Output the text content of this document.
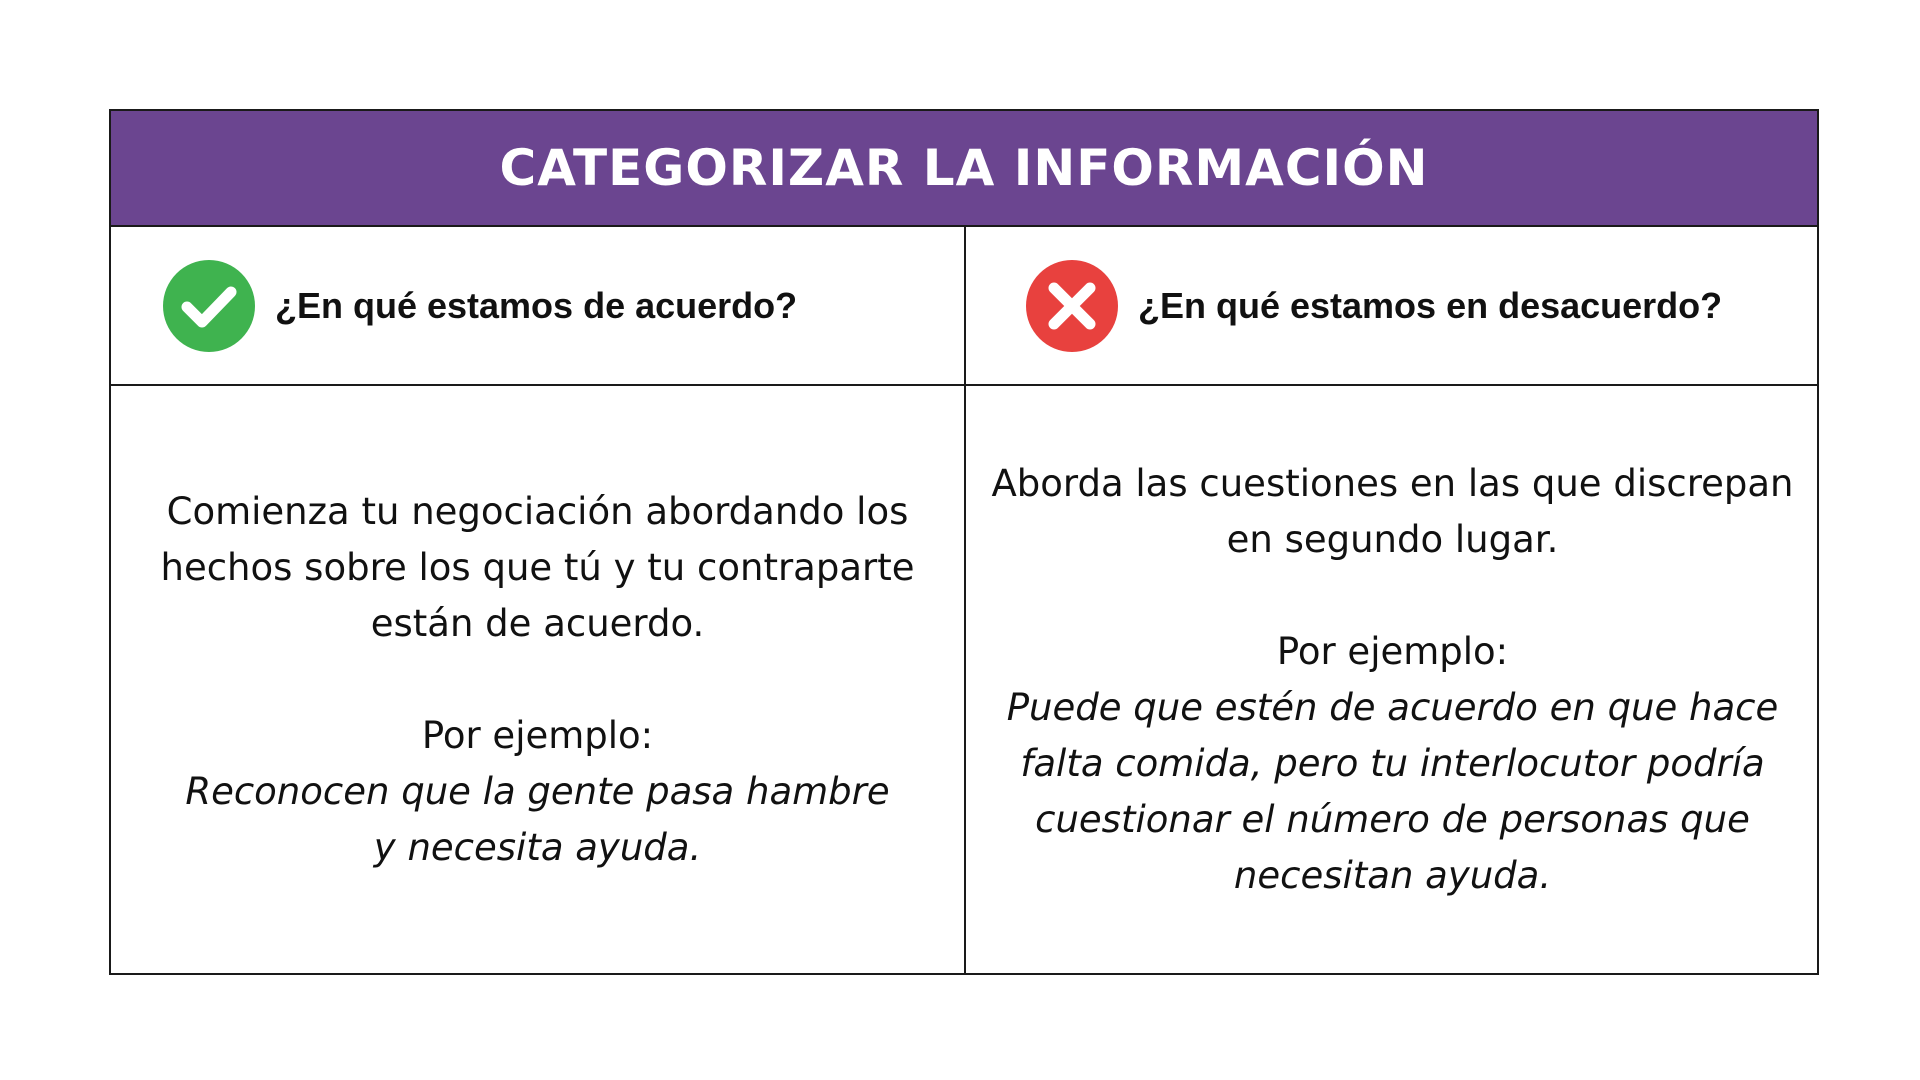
CATEGORIZAR LA INFORMACIÓN
¿En qué estamos de acuerdo?	¿En qué estamos en desacuerdo?

Comienza tu negociación abordando los
hechos sobre los que tú y tu contraparte
están de acuerdo.

Por ejemplo:

Reconocen que la gente pasa hambre
y necesita ayuda.

Aborda las cuestiones en las que discrepan
en segundo lugar.

Por ejemplo:

Puede que estén de acuerdo en que hace
falta comida, pero tu interlocutor podría
cuestionar el número de personas que
necesitan ayuda.
